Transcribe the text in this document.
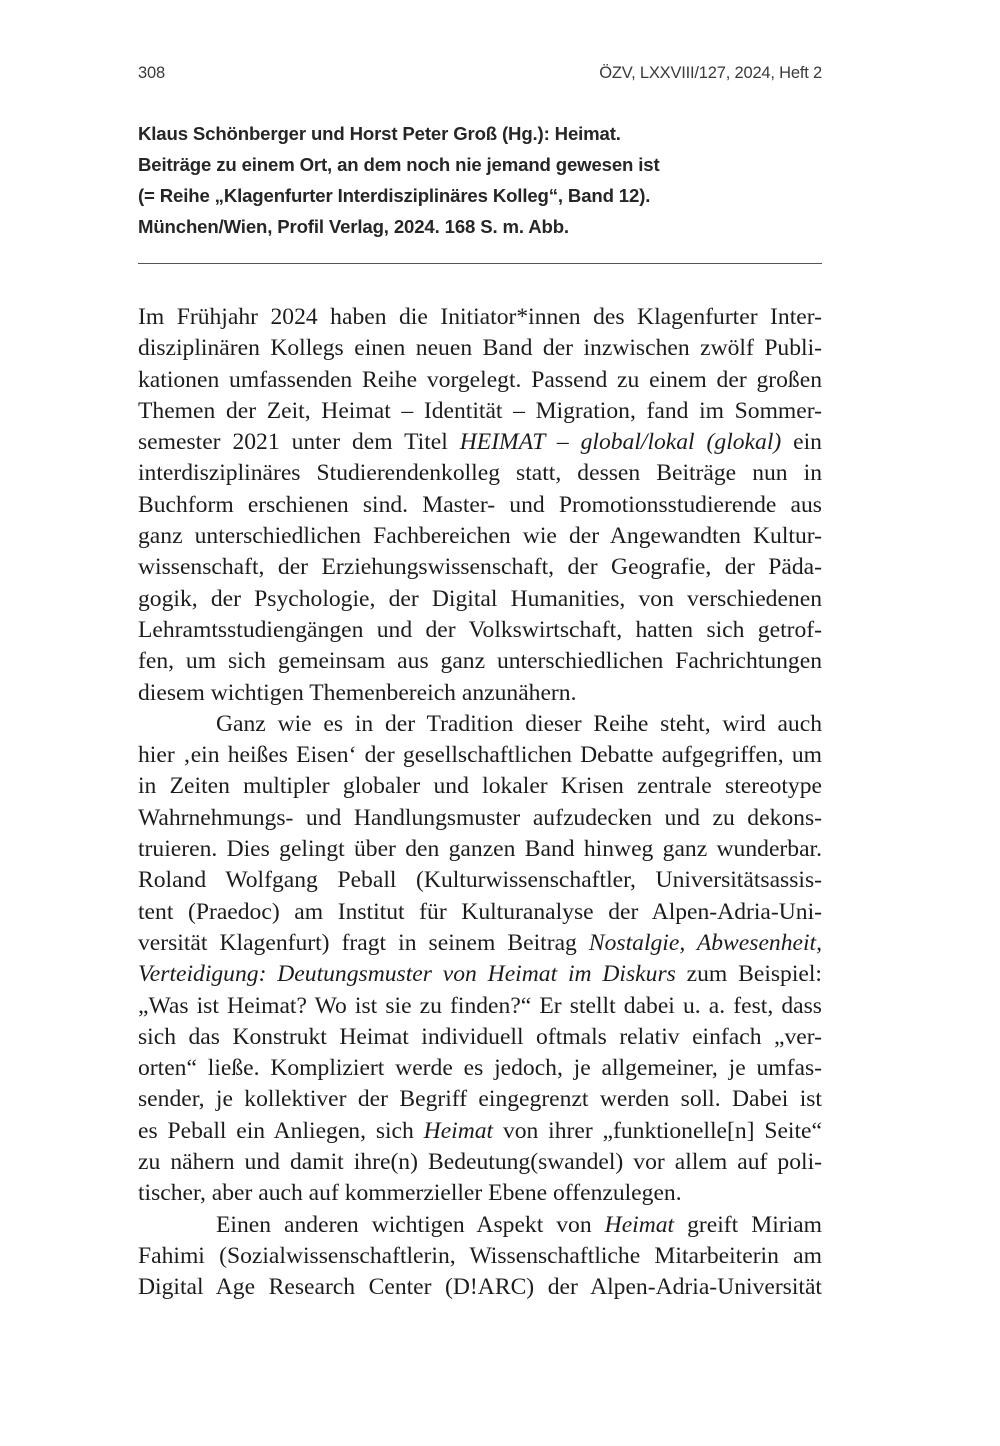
308	ÖZV, LXXVIII/127, 2024, Heft 2
Klaus Schönberger und Horst Peter Groß (Hg.): Heimat.
Beiträge zu einem Ort, an dem noch nie jemand gewesen ist
(= Reihe „Klagenfurter Interdisziplinäres Kolleg“, Band 12).
München/Wien, Profil Verlag, 2024. 168 S. m. Abb.
Im Frühjahr 2024 haben die Initiator*innen des Klagenfurter Inter-
disziplinären Kollegs einen neuen Band der inzwischen zwölf Publi-
kationen umfassenden Reihe vorgelegt. Passend zu einem der großen
Themen der Zeit, Heimat – Identität – Migration, fand im Sommer-
semester 2021 unter dem Titel HEIMAT – global/lokal (glokal) ein
interdisziplinäres Studierendenkolleg statt, dessen Beiträge nun in
Buchform erschienen sind. Master- und Promotionsstudierende aus
ganz unterschiedlichen Fachbereichen wie der Angewandten Kultur-
wissenschaft, der Erziehungswissenschaft, der Geografie, der Päda-
gogik, der Psychologie, der Digital Humanities, von verschiedenen
Lehramtsstudiengängen und der Volkswirtschaft, hatten sich getrof-
fen, um sich gemeinsam aus ganz unterschiedlichen Fachrichtungen
diesem wichtigen Themenbereich anzunähern.
Ganz wie es in der Tradition dieser Reihe steht, wird auch
hier ‚ein heißes Eisen‘ der gesellschaftlichen Debatte aufgegriffen, um
in Zeiten multipler globaler und lokaler Krisen zentrale stereotype
Wahrnehmungs- und Handlungsmuster aufzudecken und zu dekons-
truieren. Dies gelingt über den ganzen Band hinweg ganz wunderbar.
Roland Wolfgang Peball (Kulturwissenschaftler, Universitätsassis-
tent (Praedoc) am Institut für Kulturanalyse der Alpen-Adria-Uni-
versität Klagenfurt) fragt in seinem Beitrag Nostalgie, Abwesenheit,
Verteidigung: Deutungsmuster von Heimat im Diskurs zum Beispiel:
„Was ist Heimat? Wo ist sie zu finden?“ Er stellt dabei u. a. fest, dass
sich das Konstrukt Heimat individuell oftmals relativ einfach „ver-
orten“ ließe. Kompliziert werde es jedoch, je allgemeiner, je umfas-
sender, je kollektiver der Begriff eingegrenzt werden soll. Dabei ist
es Peball ein Anliegen, sich Heimat von ihrer „funktionelle[n] Seite“
zu nähern und damit ihre(n) Bedeutung(swandel) vor allem auf poli-
tischer, aber auch auf kommerzieller Ebene offenzulegen.
Einen anderen wichtigen Aspekt von Heimat greift Miriam
Fahimi (Sozialwissenschaftlerin, Wissenschaftliche Mitarbeiterin am
Digital Age Research Center (D!ARC) der Alpen-Adria-Universität
